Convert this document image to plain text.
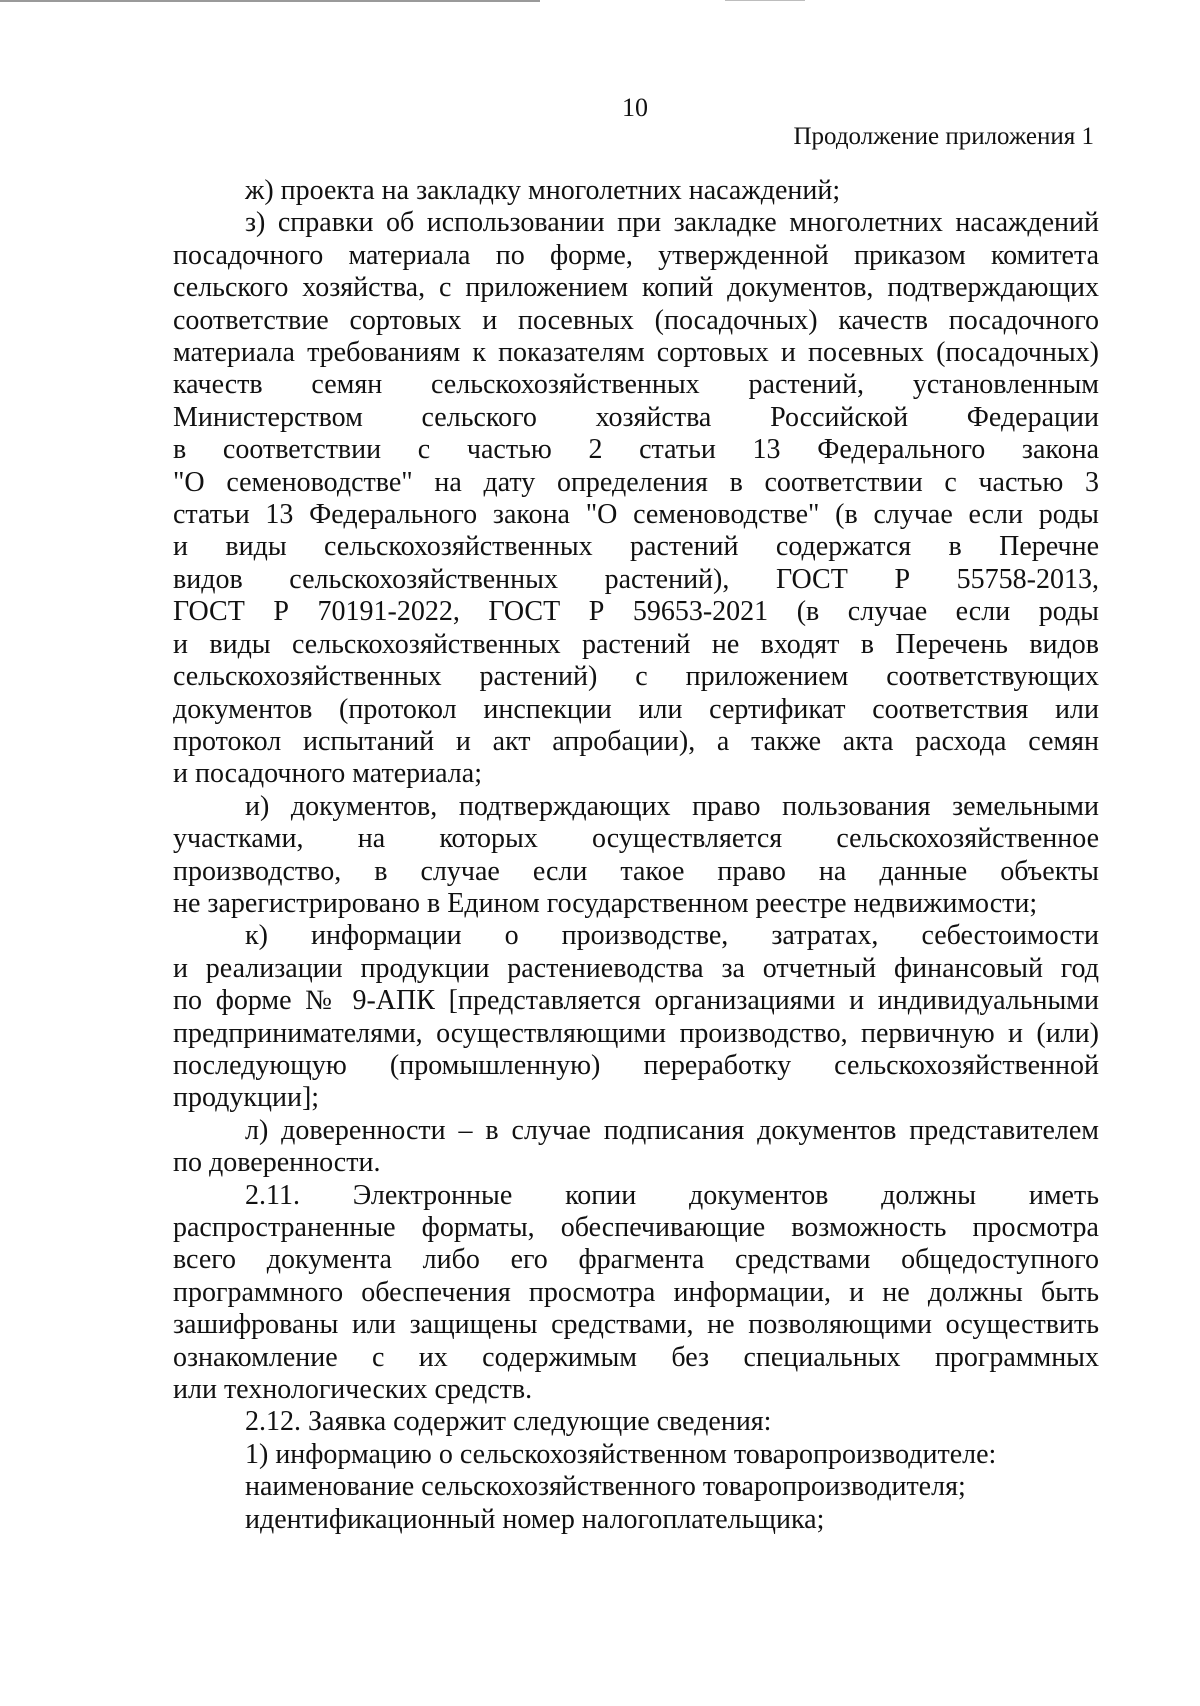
10
Продолжение приложения 1

ж) проекта на закладку многолетних насаждений;

з) справки об использовании при закладке многолетних насаждений

посадочного материала по форме, утвержденной приказом комитета

сельского хозяйства, с приложением копий документов, подтверждающих

соответствие сортовых и посевных (посадочных) качеств посадочного

материала требованиям к показателям сортовых и посевных (посадочных)

качеств семян сельскохозяйственных растений, установленным

Министерством сельского хозяйства Российской Федерации

в соответствии с частью 2 статьи 13 Федерального закона

"О семеноводстве" на дату определения в соответствии с частью 3

статьи 13 Федерального закона "О семеноводстве" (в случае если роды

и виды сельскохозяйственных растений содержатся в Перечне

видов сельскохозяйственных растений), ГОСТ Р 55758-2013,

ГОСТ Р 70191-2022, ГОСТ Р 59653-2021 (в случае если роды

и виды сельскохозяйственных растений не входят в Перечень видов

сельскохозяйственных растений) с приложением соответствующих

документов (протокол инспекции или сертификат соответствия или

протокол испытаний и акт апробации), а также акта расхода семян

и посадочного материала;

и) документов, подтверждающих право пользования земельными

участками, на которых осуществляется сельскохозяйственное

производство, в случае если такое право на данные объекты

не зарегистрировано в Едином государственном реестре недвижимости;

к) информации о производстве, затратах, себестоимости

и реализации продукции растениеводства за отчетный финансовый год

по форме № 9-АПК [представляется организациями и индивидуальными

предпринимателями, осуществляющими производство, первичную и (или)

последующую (промышленную) переработку сельскохозяйственной

продукции];

л) доверенности – в случае подписания документов представителем

по доверенности.

2.11. Электронные копии документов должны иметь

распространенные форматы, обеспечивающие возможность просмотра

всего документа либо его фрагмента средствами общедоступного

программного обеспечения просмотра информации, и не должны быть

зашифрованы или защищены средствами, не позволяющими осуществить

ознакомление с их содержимым без специальных программных

или технологических средств.

2.12. Заявка содержит следующие сведения:

1) информацию о сельскохозяйственном товаропроизводителе:

наименование сельскохозяйственного товаропроизводителя;

идентификационный номер налогоплательщика;
